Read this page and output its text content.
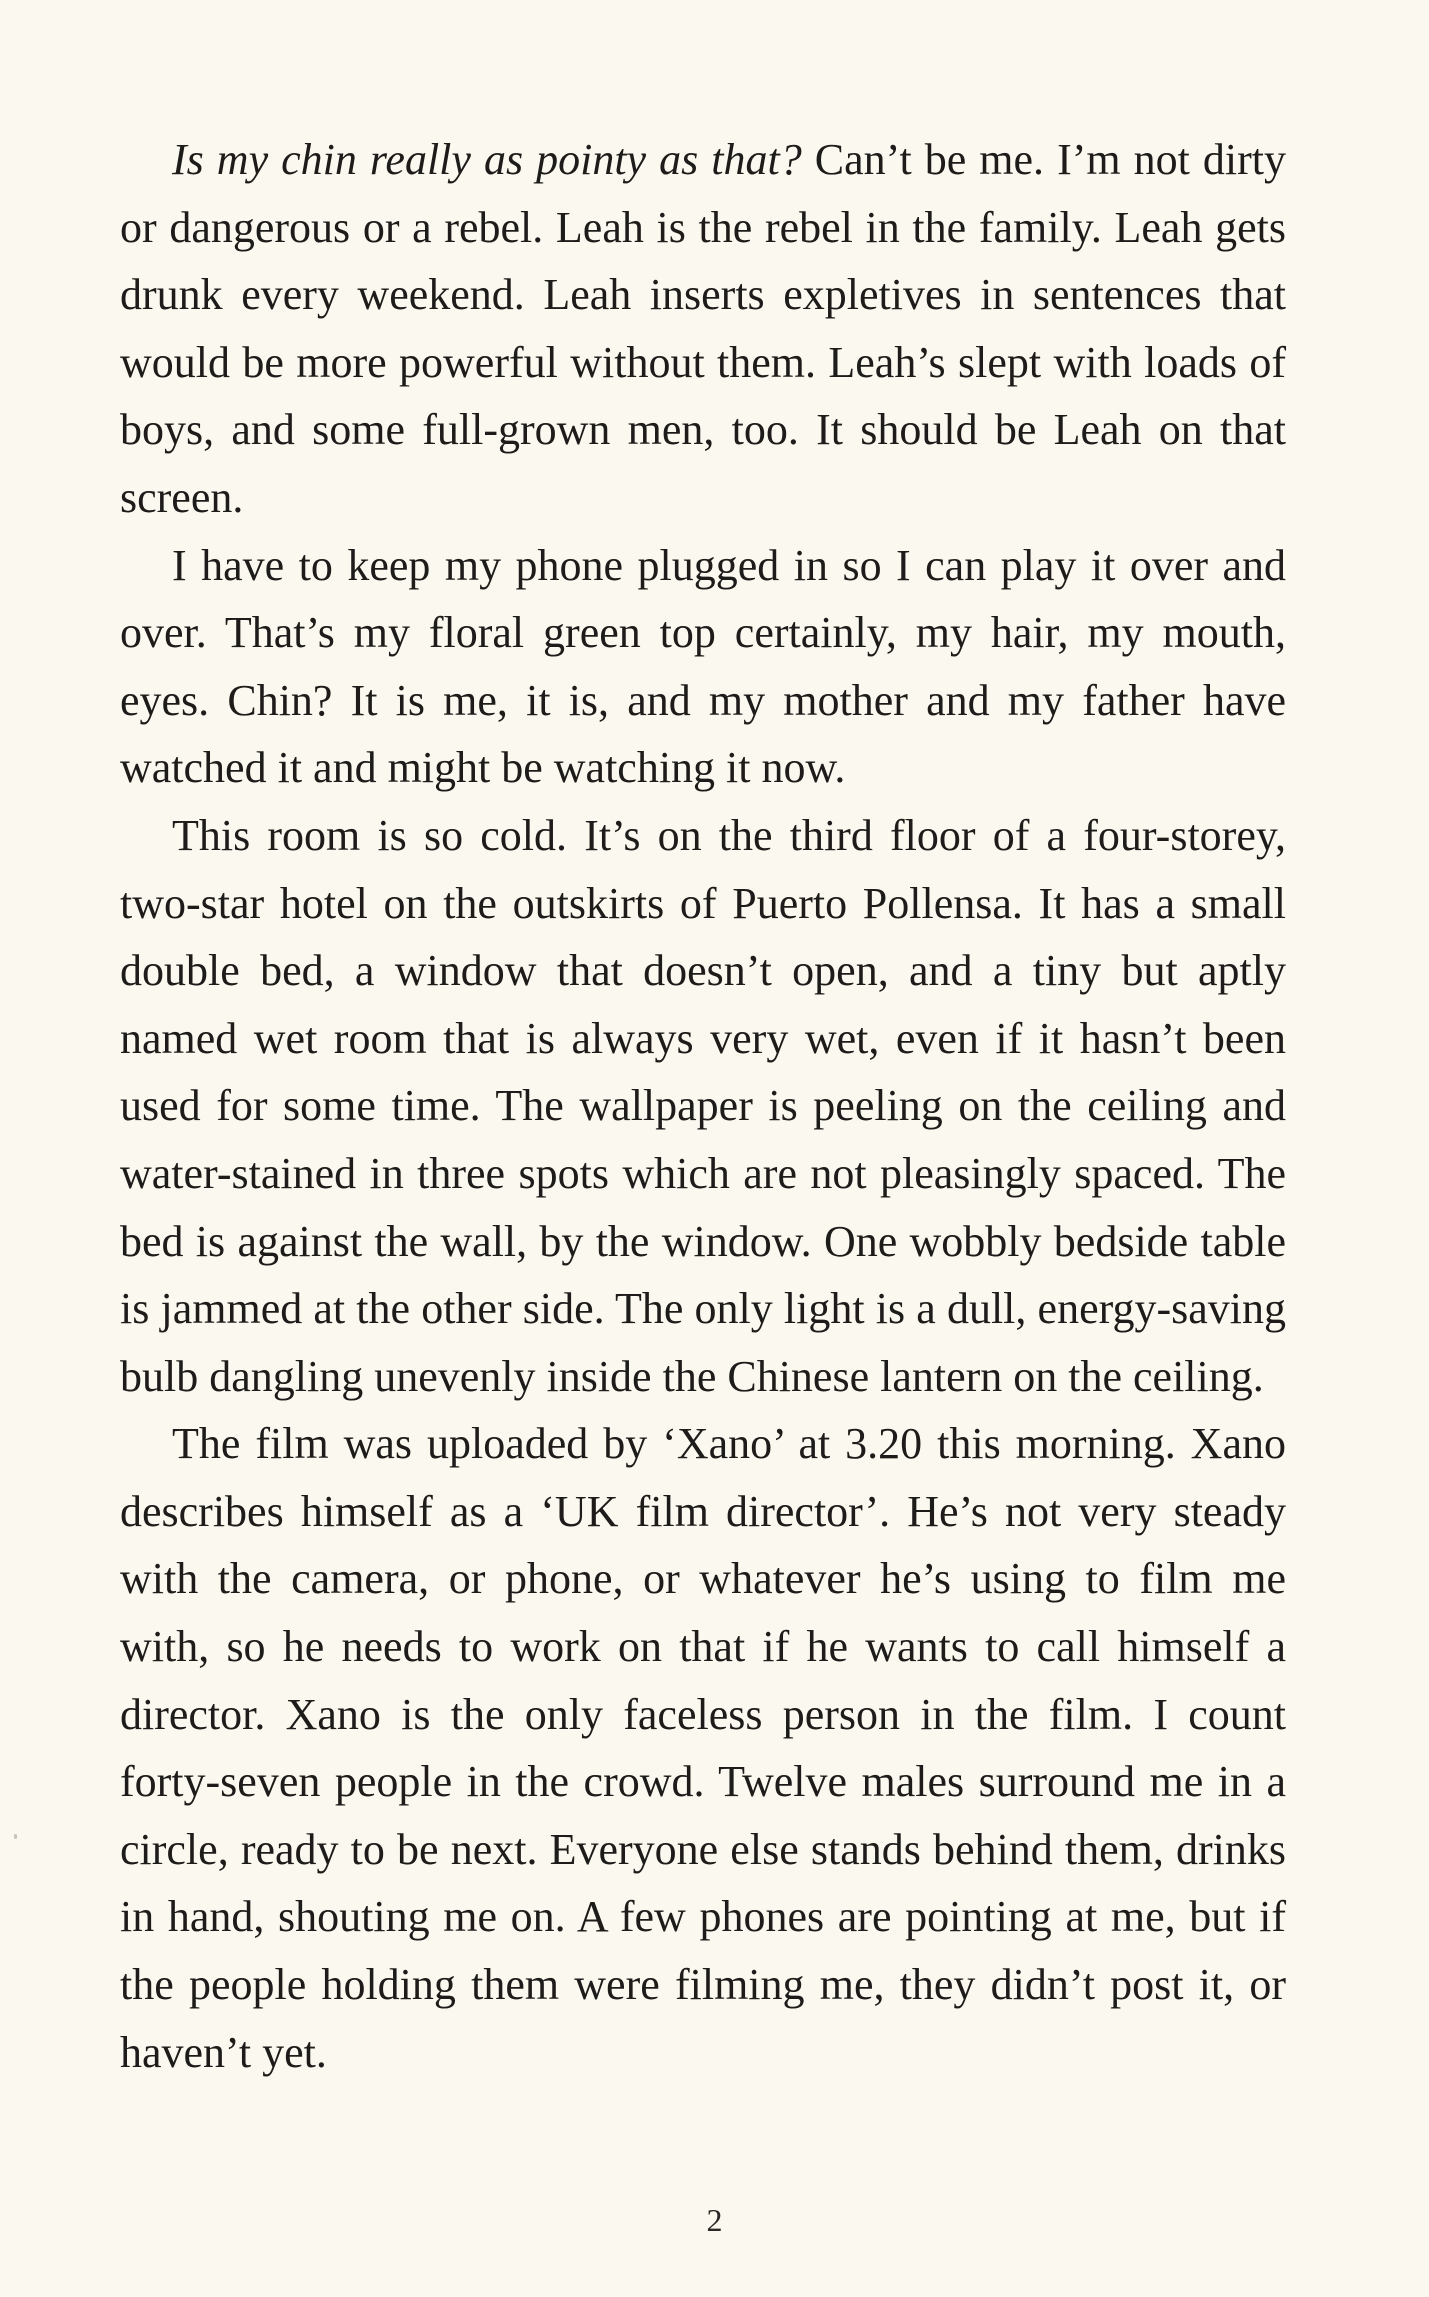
Is my chin really as pointy as that? Can’t be me. I’m not dirty or dangerous or a rebel. Leah is the rebel in the family. Leah gets drunk every weekend. Leah inserts expletives in sentences that would be more powerful without them. Leah’s slept with loads of boys, and some full-grown men, too. It should be Leah on that screen.

I have to keep my phone plugged in so I can play it over and over. That’s my floral green top certainly, my hair, my mouth, eyes. Chin? It is me, it is, and my mother and my father have watched it and might be watching it now.

This room is so cold. It’s on the third floor of a four-storey, two-star hotel on the outskirts of Puerto Pollensa. It has a small double bed, a window that doesn’t open, and a tiny but aptly named wet room that is always very wet, even if it hasn’t been used for some time. The wallpaper is peeling on the ceiling and water-stained in three spots which are not pleasingly spaced. The bed is against the wall, by the window. One wobbly bedside table is jammed at the other side. The only light is a dull, energy-saving bulb dangling unevenly inside the Chinese lantern on the ceiling.

The film was uploaded by ‘Xano’ at 3.20 this morning. Xano describes himself as a ‘UK film director’. He’s not very steady with the camera, or phone, or whatever he’s using to film me with, so he needs to work on that if he wants to call himself a director. Xano is the only faceless person in the film. I count forty-seven people in the crowd. Twelve males surround me in a circle, ready to be next. Everyone else stands behind them, drinks in hand, shouting me on. A few phones are pointing at me, but if the people holding them were filming me, they didn’t post it, or haven’t yet.

2
